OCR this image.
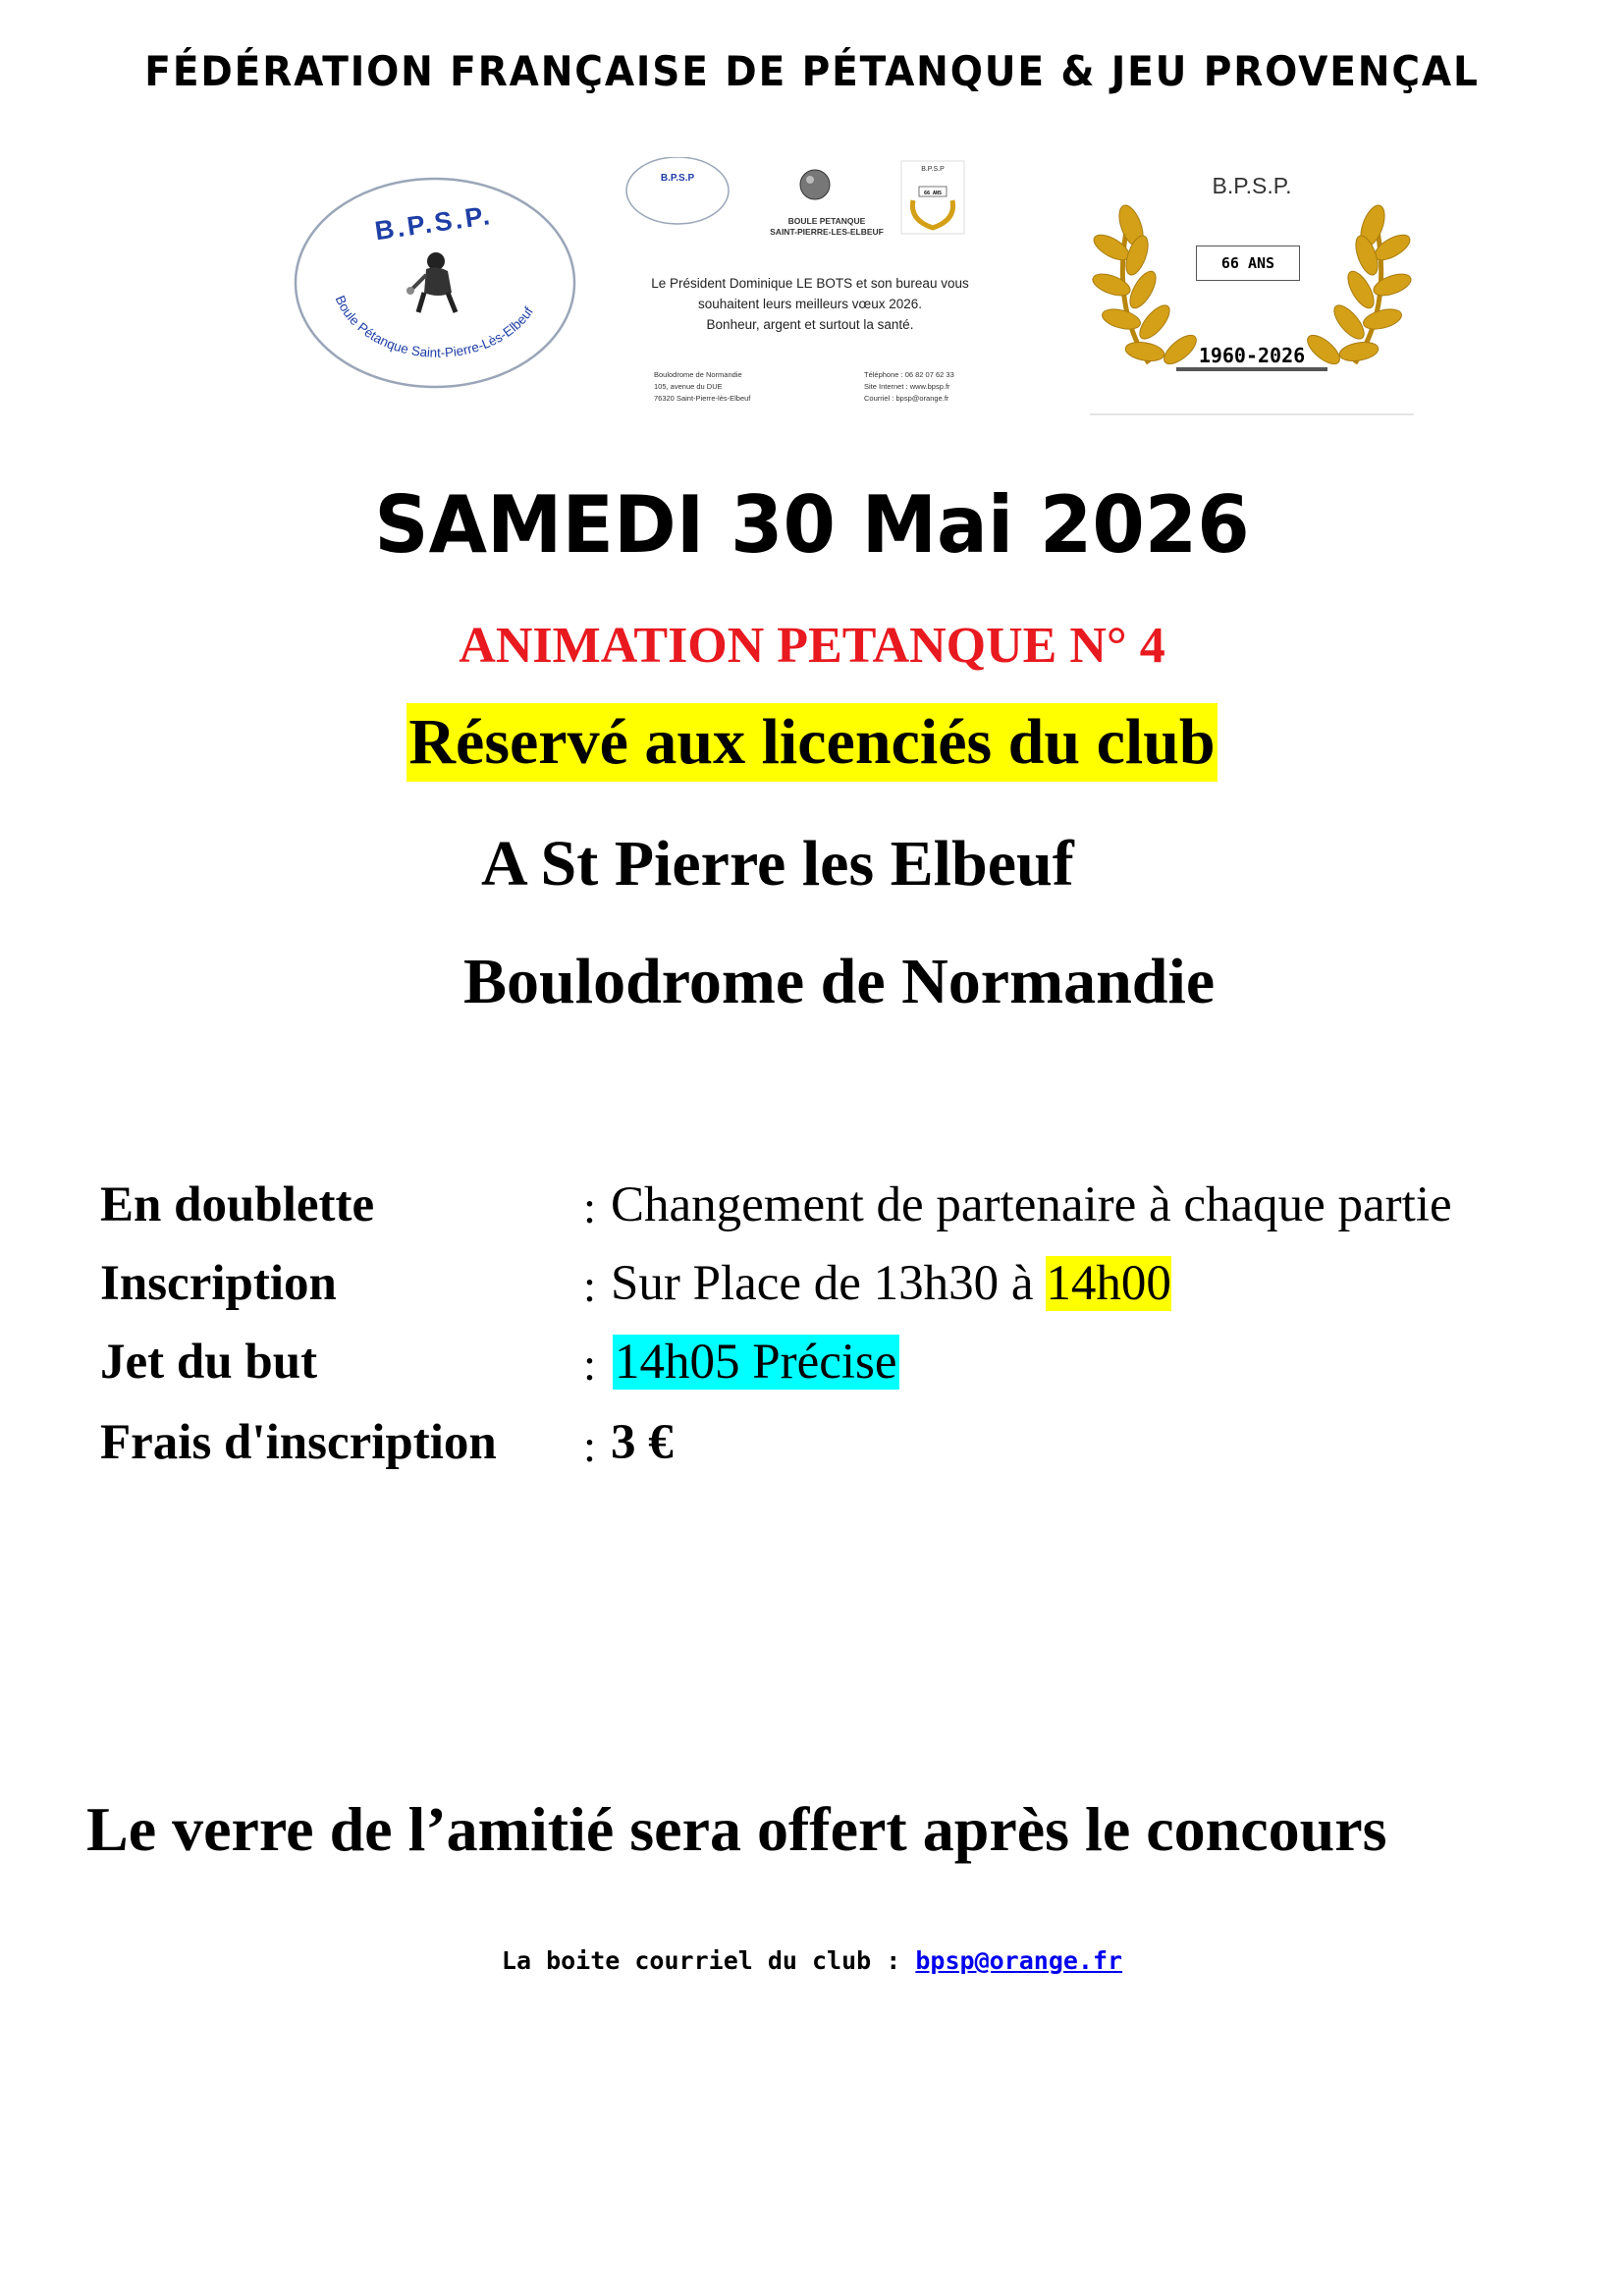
FÉDÉRATION FRANÇAISE DE PÉTANQUE & JEU PROVENÇAL
B.P.S.P.
Boule Pétanque Saint-Pierre-Lès-Elbeuf
B.P.S.P
B.P.S.P
66 ANS
BOULE PETANQUE
SAINT-PIERRE-LES-ELBEUF
Le Président Dominique LE BOTS et son bureau vous
souhaitent leurs meilleurs vœux 2026.
Bonheur, argent et surtout la santé.
Boulodrome de Normandie
105, avenue du DUE
76320 Saint-Pierre-lès-Elbeuf
Téléphone : 06 82 07 62 33
Site Internet : www.bpsp.fr
Courriel : bpsp@orange.fr
B.P.S.P.
66 ANS
1960-2026
SAMEDI 30 Mai 2026
ANIMATION PETANQUE N° 4
Réservé aux licenciés du club
A St Pierre les Elbeuf
Boulodrome de Normandie
En doublette	: Changement de partenaire à chaque partie
Inscription	: Sur Place de 13h30 à 14h00
Jet du but	: 14h05 Précise
Frais d'inscription : 3 €
Le verre de l’amitié sera offert après le concours
La boite courriel du club : bpsp@orange.fr
